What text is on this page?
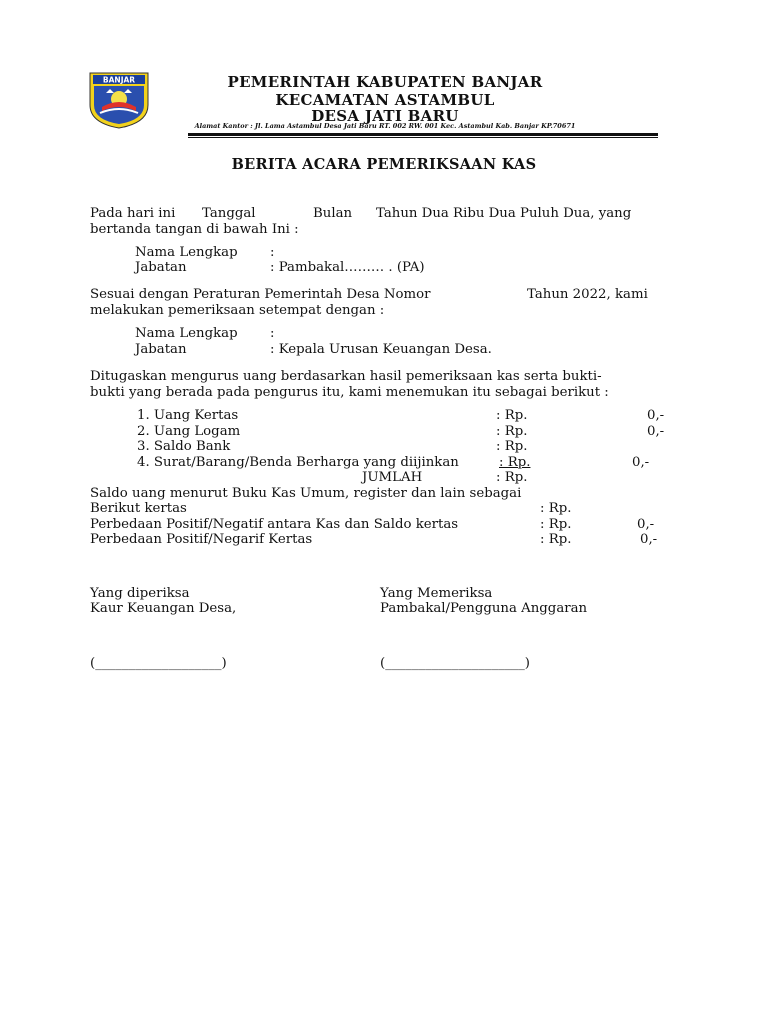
BANJAR	PEMERINTAH KABUPATEN BANJAR
KECAMATAN ASTAMBUL
DESA JATI BARU
Alamat Kantor : Jl. Lama Astambul Desa Jati Baru RT. 002 RW. 001 Kec. Astambul Kab. Banjar KP.70671
BERITA ACARA PEMERIKSAAN KAS
Pada hari ini Tanggal	Bulan Tahun Dua Ribu Dua Puluh Dua, yang
bertanda tangan di bawah Ini :
Nama Lengkap :
Jabatan	: Pambakal……… . (PA)
Sesuai dengan Peraturan Pemerintah Desa Nomor	Tahun 2022, kami
melakukan pemeriksaan setempat dengan :
Nama Lengkap :
Jabatan	: Kepala Urusan Keuangan Desa.
Ditugaskan mengurus uang berdasarkan hasil pemeriksaan kas serta bukti-
bukti yang berada pada pengurus itu, kami menemukan itu sebagai berikut :
1. Uang Kertas	: Rp.	0,-
2. Uang Logam	: Rp.	0,-
3. Saldo Bank	: Rp.
4. Surat/Barang/Benda Berharga yang diijinkan	: Rp.	0,-
JUMLAH	: Rp.
Saldo uang menurut Buku Kas Umum, register dan lain sebagai
Berikut kertas	: Rp.
Perbedaan Positif/Negatif antara Kas dan Saldo kertas	: Rp.	0,-
Perbedaan Positif/Negarif Kertas	: Rp.	0,-
Yang diperiksa
Kaur Keuangan Desa,
(___________________)
Yang Memeriksa
Pambakal/Pengguna Anggaran
(_____________________)
